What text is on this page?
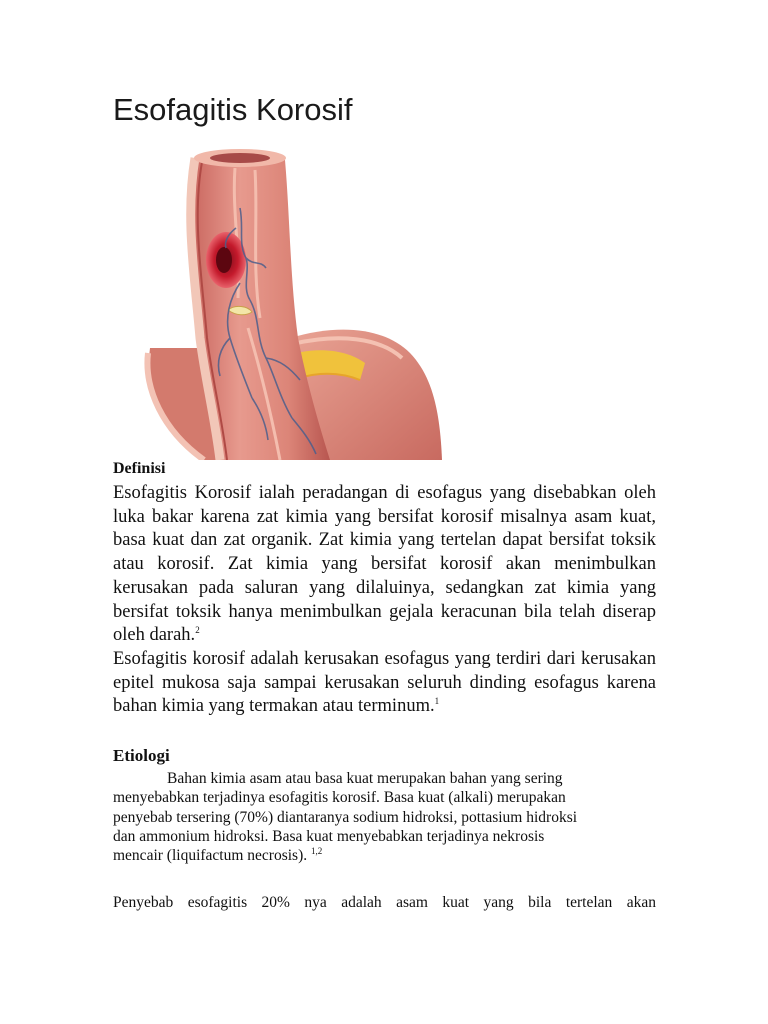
Esofagitis Korosif
Definisi

Esofagitis Korosif ialah peradangan di esofagus yang disebabkan oleh luka bakar karena zat kimia yang bersifat korosif misalnya asam kuat, basa kuat dan zat organik. Zat kimia yang tertelan dapat bersifat toksik atau korosif. Zat kimia yang bersifat korosif akan menimbulkan kerusakan pada saluran yang dilaluinya, sedangkan zat kimia yang bersifat toksik hanya menimbulkan gejala keracunan bila telah diserap oleh darah.$^2$

Esofagitis korosif adalah kerusakan esofagus yang terdiri dari kerusakan epitel mukosa saja sampai kerusakan seluruh dinding esofagus karena bahan kimia yang termakan atau terminum.$^1$

Etiologi
Bahan kimia asam atau basa kuat merupakan bahan yang sering
menyebabkan terjadinya esofagitis korosif. Basa kuat (alkali) merupakan
penyebab tersering (70%) diantaranya sodium hidroksi, pottasium hidroksi
dan ammonium hidroksi. Basa kuat menyebabkan terjadinya nekrosis
mencair (liquifactum necrosis). $^{1,2}$

Penyebab esofagitis 20% nya adalah asam kuat yang bila tertelan akan
